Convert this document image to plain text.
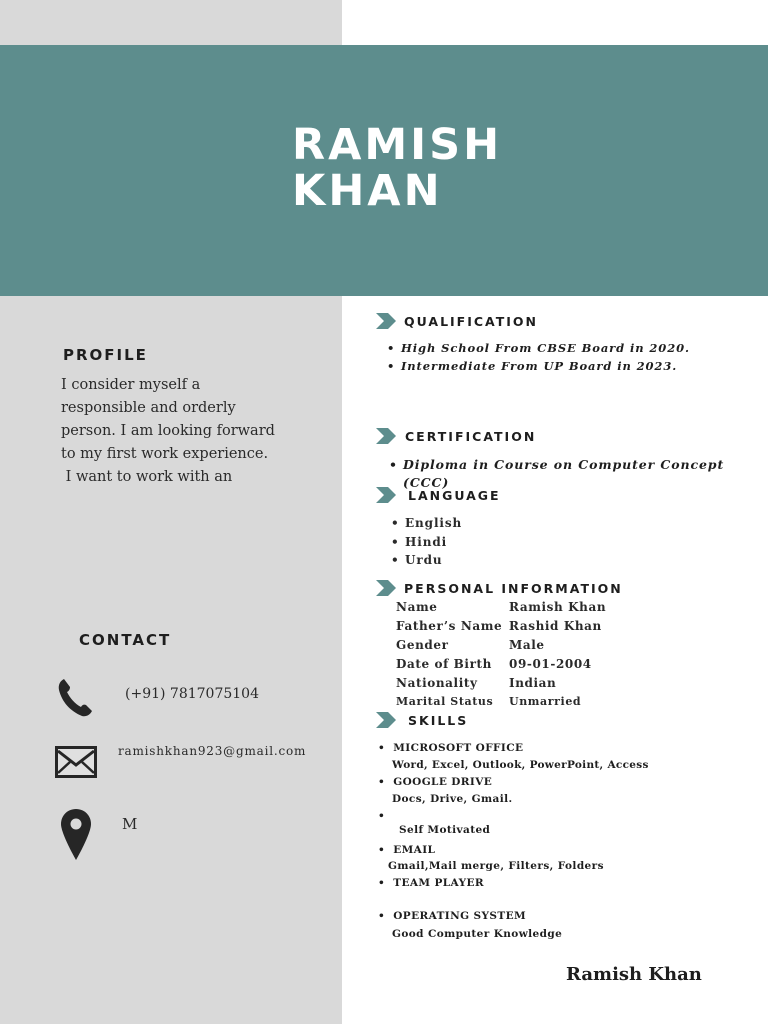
RAMISH
KHAN
PROFILE
I consider myself a
responsible and orderly
person. I am looking forward
to my first work experience.
I want to work with an
CONTACT
(+91) 7817075104
ramishkhan923@gmail.com
M
QUALIFICATION
• High School From CBSE Board in 2020.
• Intermediate From UP Board in 2023.
CERTIFICATION
• Diploma in Course on Computer Concept (CCC)
LANGUAGE
• English
• Hindi
• Urdu
PERSONAL INFORMATION
Name	Ramish Khan
Father’s Name	Rashid Khan
Gender	Male
Date of Birth	09-01-2004
Nationality	Indian
Marital Status	Unmarried
SKILLS
•  MICROSOFT OFFICE
Word, Excel, Outlook, PowerPoint, Access
•  GOOGLE DRIVE
Docs, Drive, Gmail.
•
Self Motivated
•  EMAIL
Gmail,Mail merge, Filters, Folders
•  TEAM PLAYER
•  OPERATING SYSTEM
Good Computer Knowledge
Ramish Khan
